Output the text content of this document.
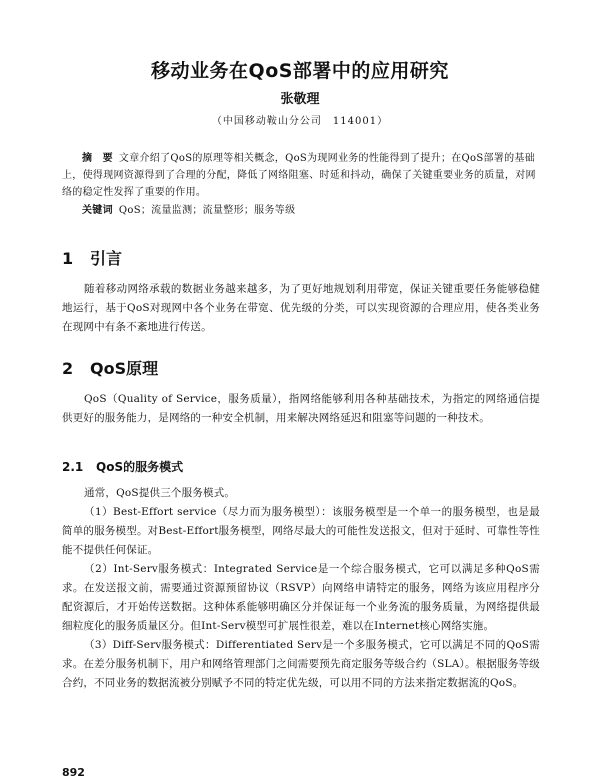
移动业务在QoS部署中的应用研究
张敬理
（中国移动鞍山分公司　114001）
摘　要 文章介绍了QoS的原理等相关概念，QoS为现网业务的性能得到了提升；在QoS部署的基础上，使得现网资源得到了合理的分配，降低了网络阻塞、时延和抖动，确保了关键重要业务的质量，对网络的稳定性发挥了重要的作用。
关键词 QoS；流量监测；流量整形；服务等级
1 引言

随着移动网络承载的数据业务越来越多，为了更好地规划利用带宽，保证关键重要任务能够稳健地运行，基于QoS对现网中各个业务在带宽、优先级的分类，可以实现资源的合理应用，使各类业务在现网中有条不紊地进行传送。

2 QoS原理

QoS（Quality of Service，服务质量），指网络能够利用各种基础技术，为指定的网络通信提供更好的服务能力，是网络的一种安全机制，用来解决网络延迟和阻塞等问题的一种技术。

2.1 QoS的服务模式

通常，QoS提供三个服务模式。

（1）Best-Effort service（尽力而为服务模型）：该服务模型是一个单一的服务模型，也是最简单的服务模型。对Best-Effort服务模型，网络尽最大的可能性发送报文，但对于延时、可靠性等性能不提供任何保证。

（2）Int-Serv服务模式：Integrated Service是一个综合服务模式，它可以满足多种QoS需求。在发送报文前，需要通过资源预留协议（RSVP）向网络申请特定的服务，网络为该应用程序分配资源后，才开始传送数据。这种体系能够明确区分并保证每一个业务流的服务质量，为网络提供最细粒度化的服务质量区分。但Int-Serv模型可扩展性很差，难以在Internet核心网络实施。

（3）Diff-Serv服务模式：Differentiated Serv是一个多服务模式，它可以满足不同的QoS需求。在差分服务机制下，用户和网络管理部门之间需要预先商定服务等级合约（SLA）。根据服务等级合约，不同业务的数据流被分别赋予不同的特定优先级，可以用不同的方法来指定数据流的QoS。

892
